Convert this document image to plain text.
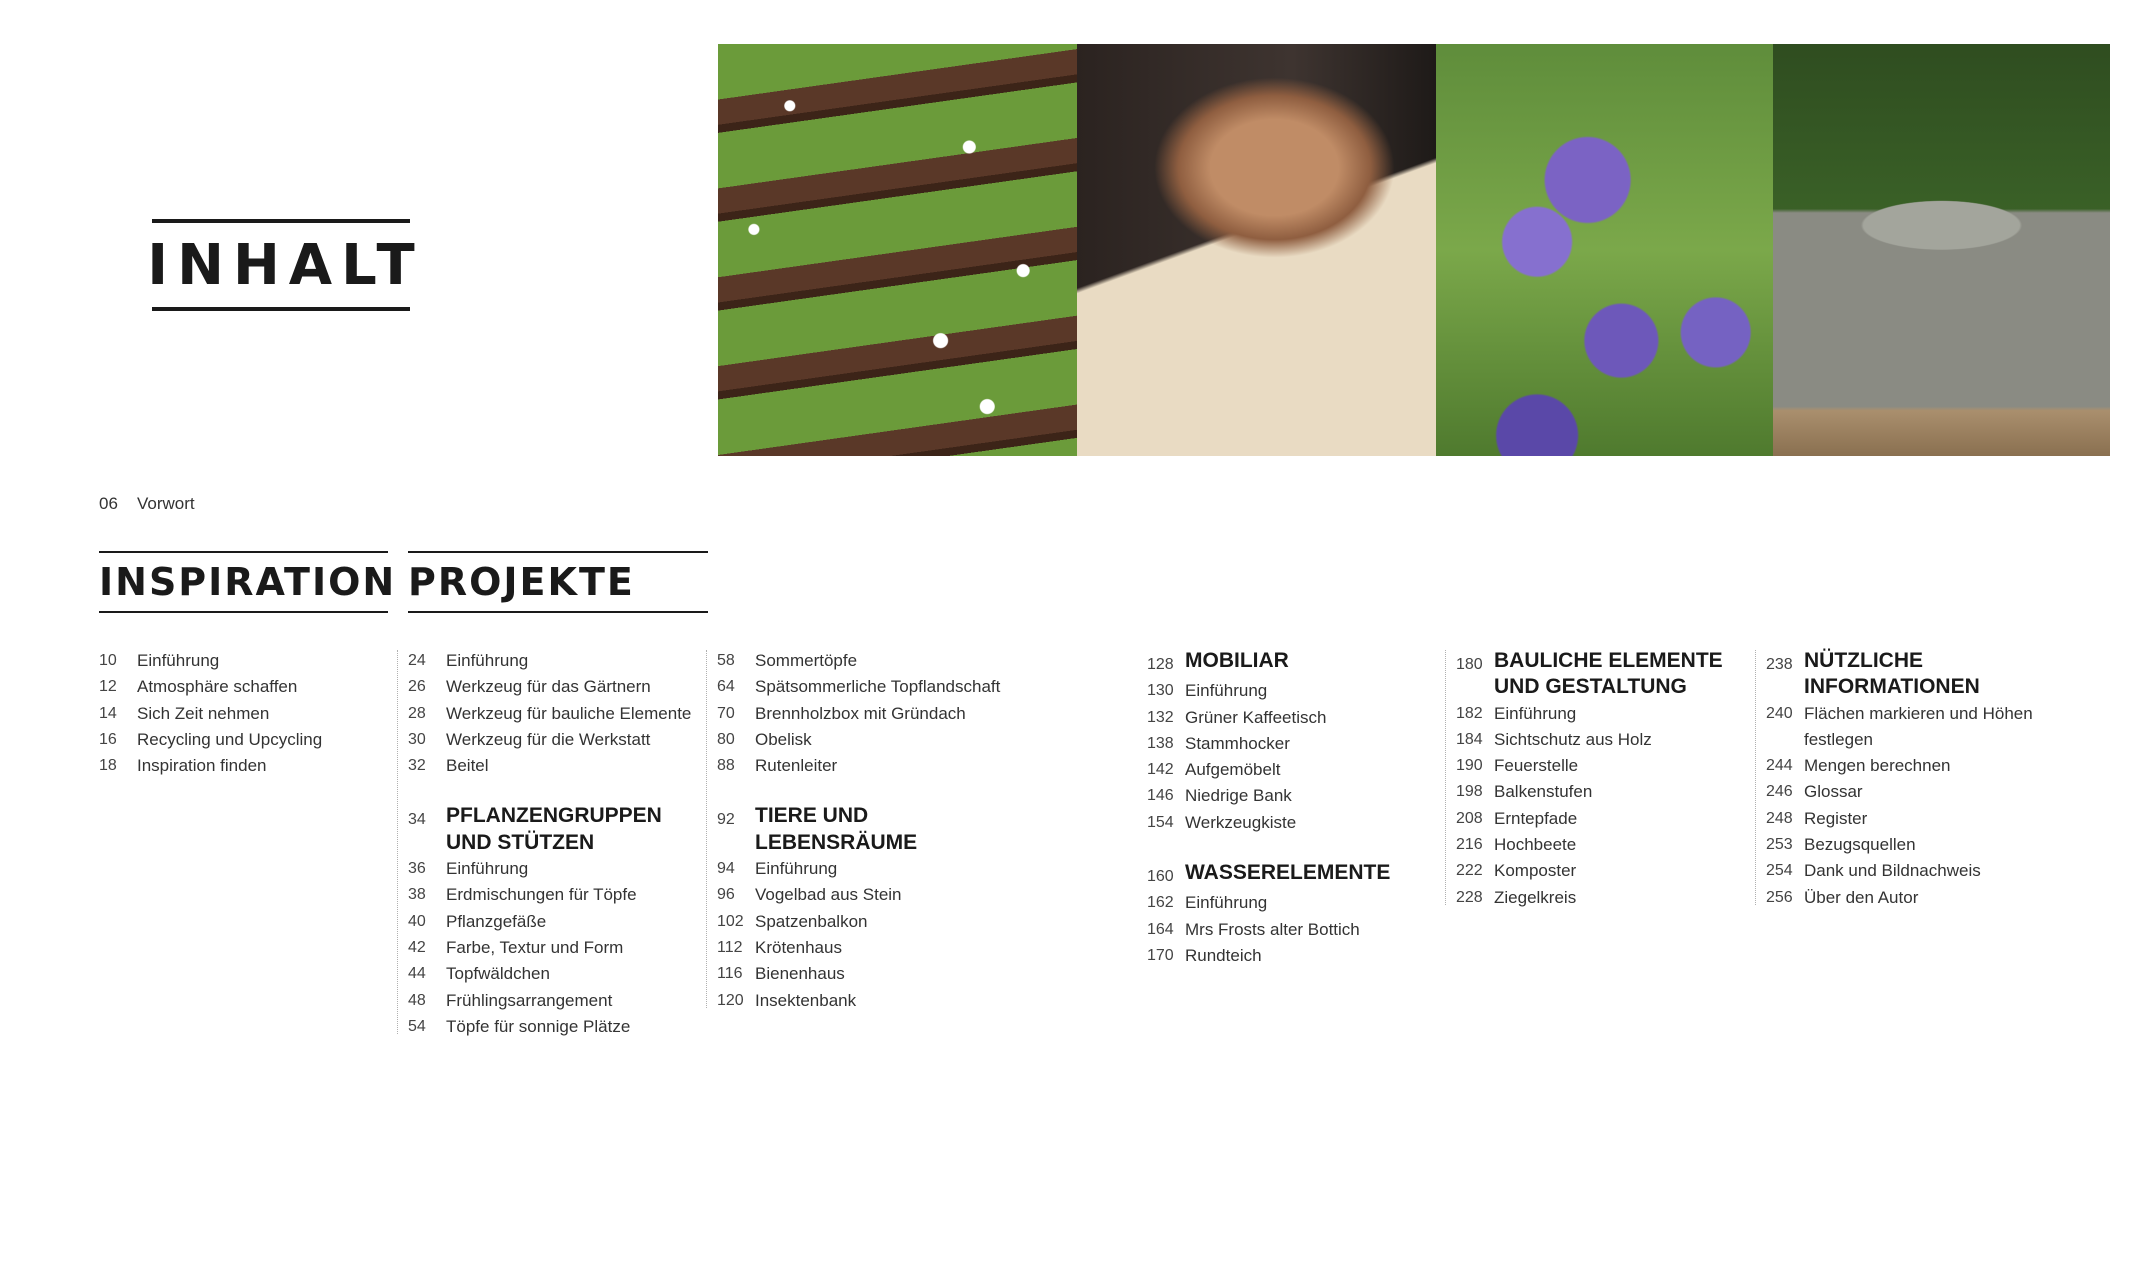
INHALT
06 Vorwort
INSPIRATION PROJEKTE
10	Einführung
12	Atmosphäre schaffen
14	Sich Zeit nehmen
16	Recycling und Upcycling
18	Inspiration finden
24	Einführung
26	Werkzeug für das Gärtnern
28	Werkzeug für bauliche Elemente
30	Werkzeug für die Werkstatt
32	Beitel
34 PFLANZENGRUPPEN
UND STÜTZEN
36	Einführung
38	Erdmischungen für Töpfe
40	Pflanzgefäße
42	Farbe, Textur und Form
44	Topfwäldchen
48	Frühlingsarrangement
54	Töpfe für sonnige Plätze
58	Sommertöpfe
64	Spätsommerliche Topflandschaft
70	Brennholzbox mit Gründach
80	Obelisk
88	Rutenleiter
92 TIERE UND
LEBENSRÄUME
94	Einführung
96	Vogelbad aus Stein
102 Spatzenbalkon
112 Krötenhaus
116 Bienenhaus
120 Insektenbank
128 MOBILIAR
130 Einführung
132 Grüner Kaffeetisch
138 Stammhocker
142 Aufgemöbelt
146 Niedrige Bank
154 Werkzeugkiste
160 WASSERELEMENTE
162 Einführung
164 Mrs Frosts alter Bottich
170 Rundteich
180 BAULICHE ELEMENTE
UND GESTALTUNG
182 Einführung
184 Sichtschutz aus Holz
190 Feuerstelle
198 Balkenstufen
208 Erntepfade
216 Hochbeete
222 Komposter
228 Ziegelkreis
238 NÜTZLICHE
INFORMATIONEN
240 Flächen markieren und Höhen festlegen
244 Mengen berechnen
246 Glossar
248 Register
253 Bezugsquellen
254 Dank und Bildnachweis
256 Über den Autor
